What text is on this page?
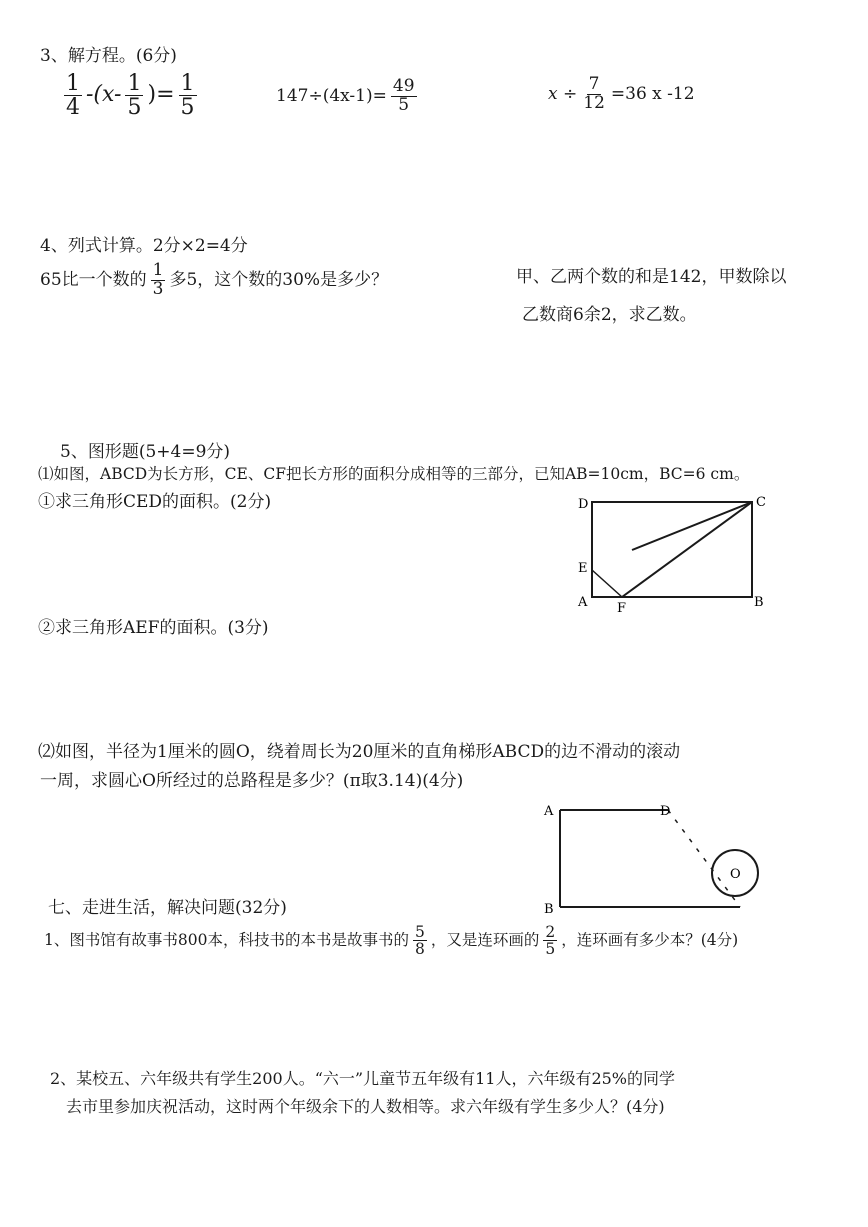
3、解方程。(6分)
$\frac{1}{4} -(x- \frac{1}{5}$ )= $\frac{1}{5}$	$147\div(4x-1)= \frac{49}{5}$	$x \div \frac{7}{12} =36$ x -12
4、列式计算。2分×2=4分
65比一个数的 $\frac{1}{3}$ 多5，这个数的30%是多少？	甲、乙两个数的和是142，甲数除以
乙数商6余2，求乙数。
5、图形题(5+4=9分)
⑴如图，ABCD为长方形，CE、CF把长方形的面积分成相等的三部分，已知AB=10cm，BC=6 cm。
①求三角形CED的面积。(2分)	D	C
E
A F	B
②求三角形AEF的面积。(3分)
⑵如图，半径为1厘米的圆O，绕着周长为20厘米的直角梯形ABCD的边不滑动的滚动
一周，求圆心O所经过的总路程是多少？(π取3.14)(4分)
A	D
B
O
七、走进生活，解决问题(32分)
1、图书馆有故事书800本，科技书的本书是故事书的 $\frac{5}{8}$ ，又是连环画的 $\frac{2}{5}$ ，连环画有多少本？(4分)
2、某校五、六年级共有学生200人。“六一”儿童节五年级有11人，六年级有25%的同学
去市里参加庆祝活动，这时两个年级余下的人数相等。求六年级有学生多少人？(4分)
